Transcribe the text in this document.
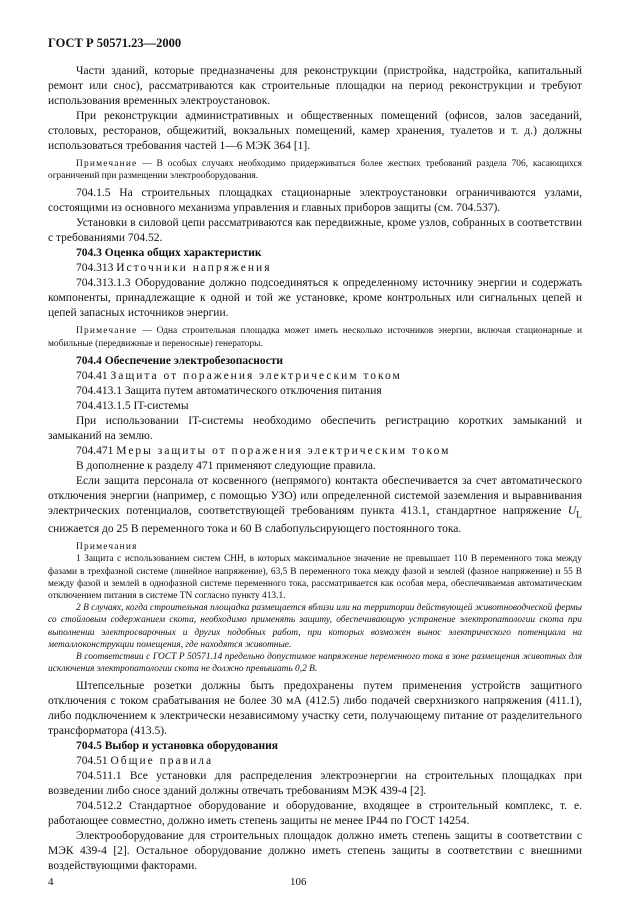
ГОСТ Р 50571.23—2000

Части зданий, которые предназначены для реконструкции (пристройка, надстройка, капитальный ремонт или снос), рассматриваются как строительные площадки на период реконструкции и требуют использования временных электроустановок.

При реконструкции административных и общественных помещений (офисов, залов заседаний, столовых, ресторанов, общежитий, вокзальных помещений, камер хранения, туалетов и т. д.) должны использоваться требования частей 1—6 МЭК 364 [1].

Примечание — В особых случаях необходимо придерживаться более жестких требований раздела 706, касающихся ограничений при размещении электрооборудования.

704.1.5 На строительных площадках стационарные электроустановки ограничиваются узлами, состоящими из основного механизма управления и главных приборов защиты (см. 704.537).

Установки в силовой цепи рассматриваются как передвижные, кроме узлов, собранных в соответствии с требованиями 704.52.

704.3 Оценка общих характеристик

704.313 Источники напряжения

704.313.1.3 Оборудование должно подсоединяться к определенному источнику энергии и содержать компоненты, принадлежащие к одной и той же установке, кроме контрольных или сигнальных цепей и цепей запасных источников энергии.

Примечание — Одна строительная площадка может иметь несколько источников энергии, включая стационарные и мобильные (передвижные и переносные) генераторы.

704.4 Обеспечение электробезопасности

704.41 Защита от поражения электрическим током

704.413.1 Защита путем автоматического отключения питания

704.413.1.5 IT-системы

При использовании IT-системы необходимо обеспечить регистрацию коротких замыканий и замыканий на землю.

704.471 Меры защиты от поражения электрическим током

В дополнение к разделу 471 применяют следующие правила.

Если защита персонала от косвенного (непрямого) контакта обеспечивается за счет автоматического отключения энергии (например, с помощью УЗО) или определенной системой заземления и выравнивания электрических потенциалов, соответствующей требованиям пункта 413.1, стандартное напряжение $U_L$ снижается до 25 В переменного тока и 60 В слабопульсирующего постоянного тока.

Примечания

1 Защита с использованием систем СНН, в которых максимальное значение не превышает 110 В переменного тока между фазами в трехфазной системе (линейное напряжение), 63,5 В переменного тока между фазой и землей (фазное напряжение) и 55 В между фазой и землей в однофазной системе переменного тока, рассматривается как особая мера, обеспечиваемая автоматическим отключением питания в системе TN согласно пункту 413.1.

2 В случаях, когда строительная площадка размещается вблизи или на территории действующей животноводческой фермы со стойловым содержанием скота, необходимо применять защиту, обеспечивающую устранение электропатологии скота при выполнении электросварочных и других подобных работ, при которых возможен вынос электрического потенциала на металлоконструкции помещения, где находятся животные.

В соответствии с ГОСТ Р 50571.14 предельно допустимое напряжение переменного тока в зоне размещения животных для исключения электропатологии скота не должно превышать 0,2 В.

Штепсельные розетки должны быть предохранены путем применения устройств защитного отключения с током срабатывания не более 30 мА (412.5) либо подачей сверхнизкого напряжения (411.1), либо подключением к электрически независимому участку сети, получающему питание от разделительного трансформатора (413.5).

704.5 Выбор и установка оборудования

704.51 Общие правила

704.511.1 Все установки для распределения электроэнергии на строительных площадках при возведении либо сносе зданий должны отвечать требованиям МЭК 439-4 [2].

704.512.2 Стандартное оборудование и оборудование, входящее в строительный комплекс, т. е. работающее совместно, должно иметь степень защиты не менее IP44 по ГОСТ 14254.

Электрооборудование для строительных площадок должно иметь степень защиты в соответствии с МЭК 439-4 [2]. Остальное оборудование должно иметь степень защиты в соответствии с внешними воздействующими факторами.

4	106
